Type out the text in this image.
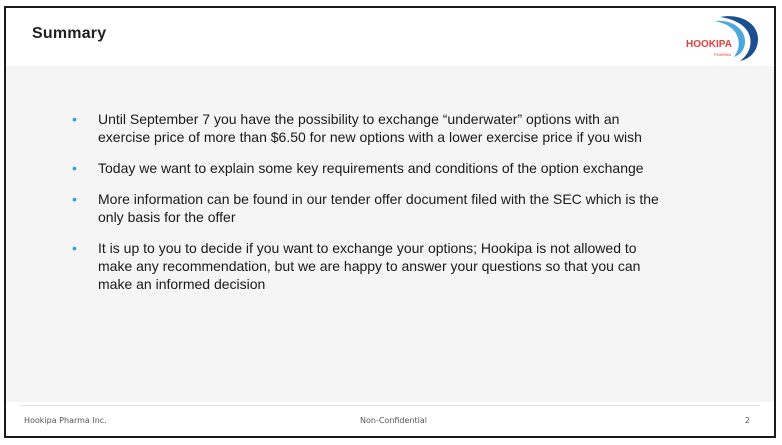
Summary
HOOKIPA
PHARMA
• Until September 7 you have the possibility to exchange “underwater” options with an exercise price of more than $6.50 for new options with a lower exercise price if you wish
• Today we want to explain some key requirements and conditions of the option exchange
• More information can be found in our tender offer document filed with the SEC which is the only basis for the offer
• It is up to you to decide if you want to exchange your options; Hookipa is not allowed to make any recommendation, but we are happy to answer your questions so that you can make an informed decision
Hookipa Pharma Inc.	Non-Confidential	2
